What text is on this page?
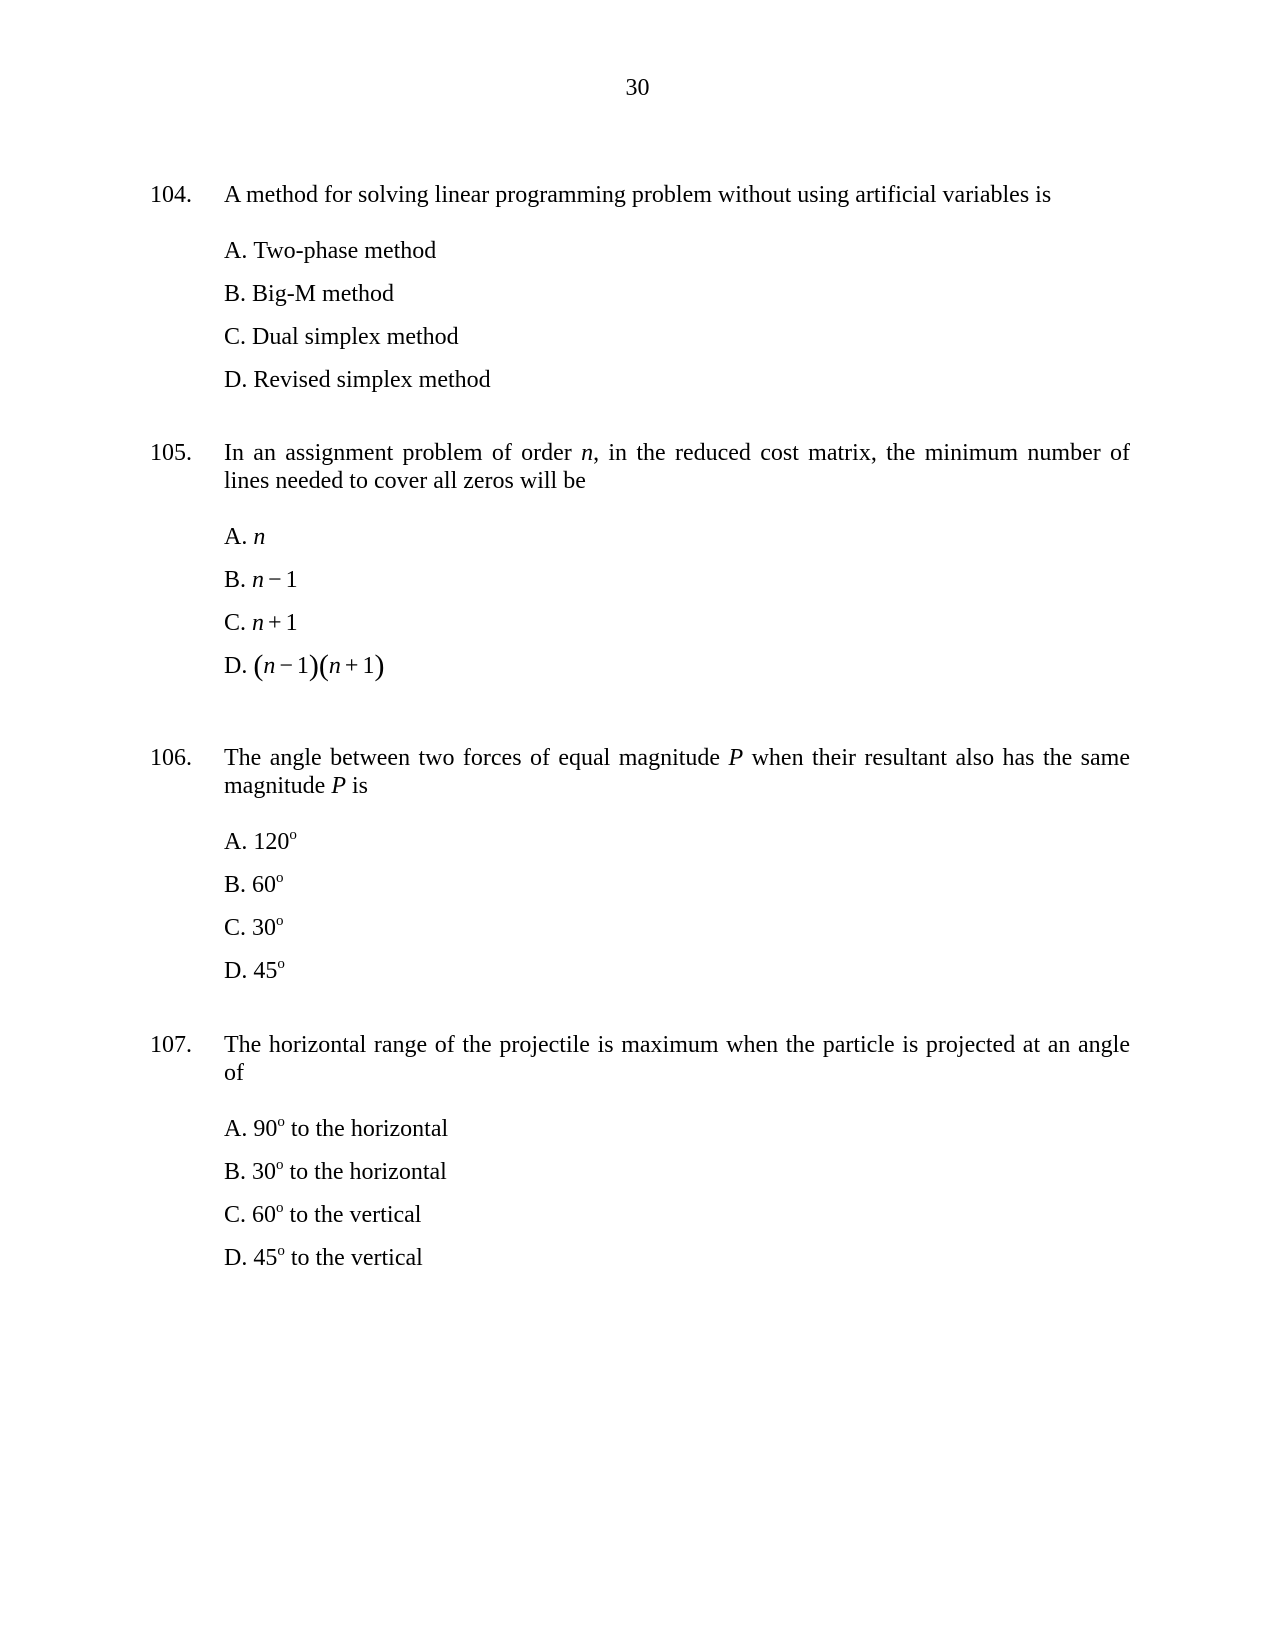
30
104. A method for solving linear programming problem without using artificial variables is
A. Two-phase method
B. Big-M method
C. Dual simplex method
D. Revised simplex method
105. In an assignment problem of order n, in the reduced cost matrix, the minimum number of lines needed to cover all zeros will be
A. n
B. n − 1
C. n + 1
D. (n − 1)(n + 1)
106. The angle between two forces of equal magnitude P when their resultant also has the same magnitude P is
A. 120$^o$
B. 60$^o$
C. 30$^o$
D. 45$^o$
107. The horizontal range of the projectile is maximum when the particle is projected at an angle of
A. 90$^o$ to the horizontal
B. 30$^o$ to the horizontal
C. 60$^o$ to the vertical
D. 45$^o$ to the vertical
